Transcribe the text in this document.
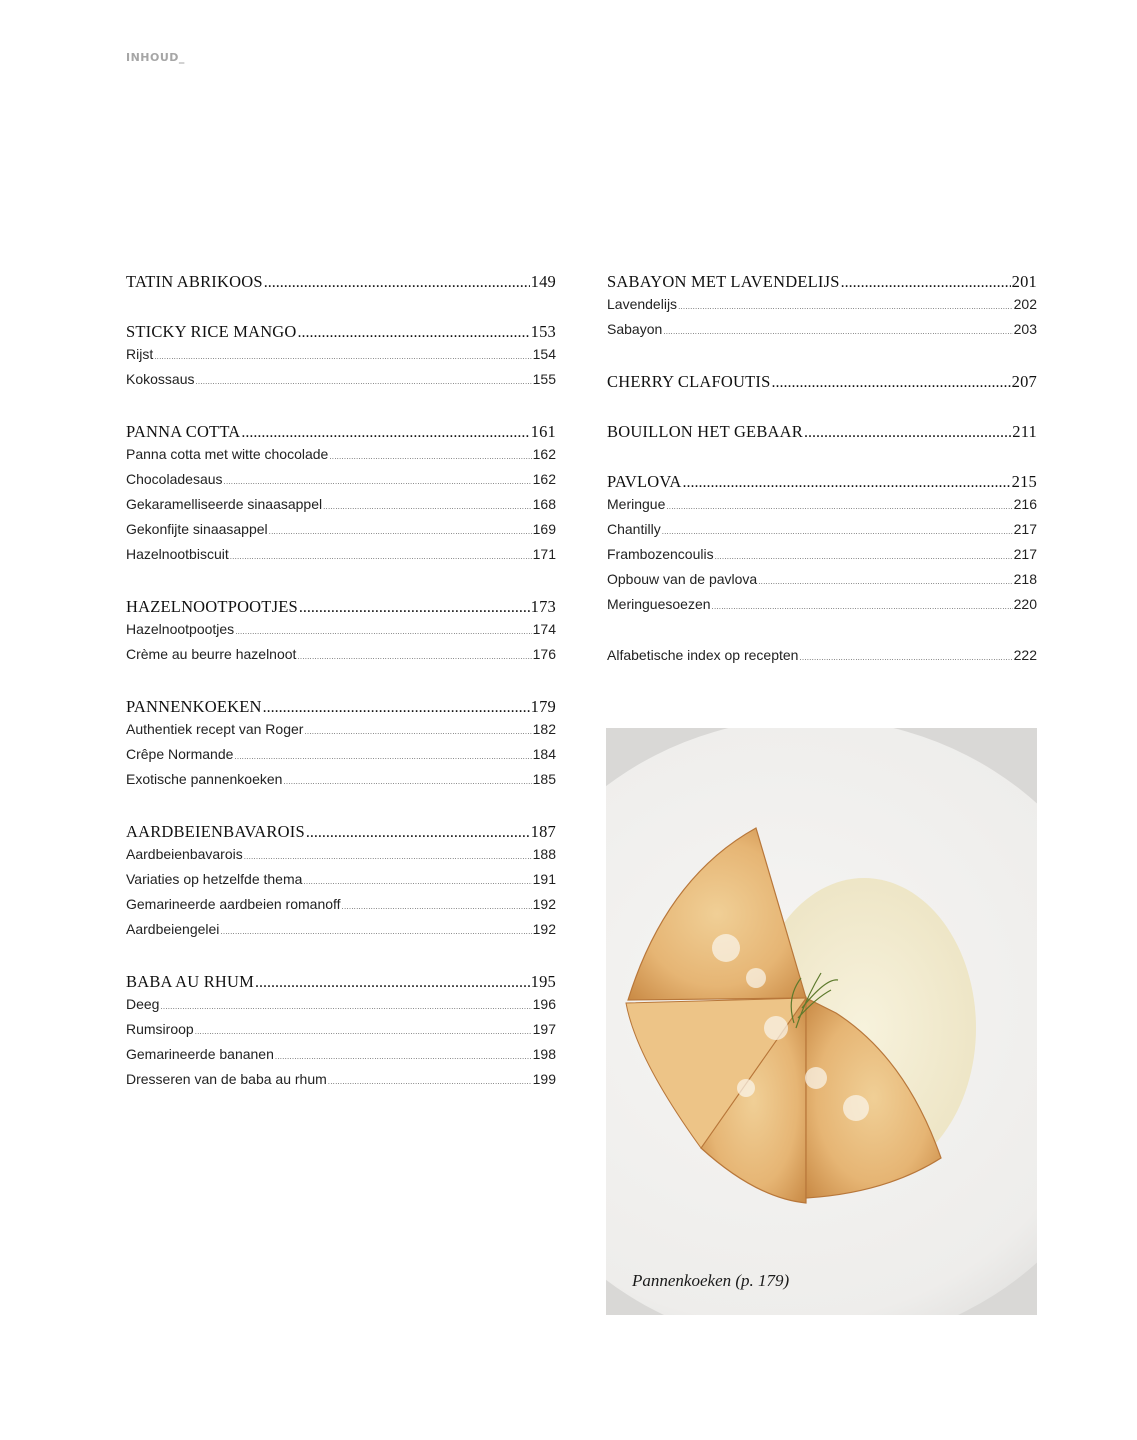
INHOUD_
TATIN ABRIKOOS .....	149
STICKY RICE MANGO .....	153
Rijst .....	154
Kokossaus .....	155
PANNA COTTA .....	161
Panna cotta met witte chocolade .....	162
Chocoladesaus .....	162
Gekaramelliseerde sinaasappel .....	168
Gekonfijte sinaasappel .....	169
Hazelnootbiscuit .....	171
HAZELNOOTPOOTJES .....	173
Hazelnootpootjes .....	174
Crème au beurre hazelnoot .....	176
PANNENKOEKEN .....	179
Authentiek recept van Roger .....	182
Crêpe Normande .....	184
Exotische pannenkoeken .....	185
AARDBEIENBAVAROIS .....	187
Aardbeienbavarois .....	188
Variaties op hetzelfde thema .....	191
Gemarineerde aardbeien romanoff .....	192
Aardbeiengelei .....	192
BABA AU RHUM .....	195
Deeg .....	196
Rumsiroop .....	197
Gemarineerde bananen .....	198
Dresseren van de baba au rhum .....	199
SABAYON MET LAVENDELIJS .....	201
Lavendelijs .....	202
Sabayon .....	203
CHERRY CLAFOUTIS .....	207
BOUILLON HET GEBAAR .....	211
PAVLOVA .....	215
Meringue .....	216
Chantilly .....	217
Frambozencoulis .....	217
Opbouw van de pavlova .....	218
Meringuesoezen .....	220
Alfabetische index op recepten .....	222
Pannenkoeken (p. 179)
